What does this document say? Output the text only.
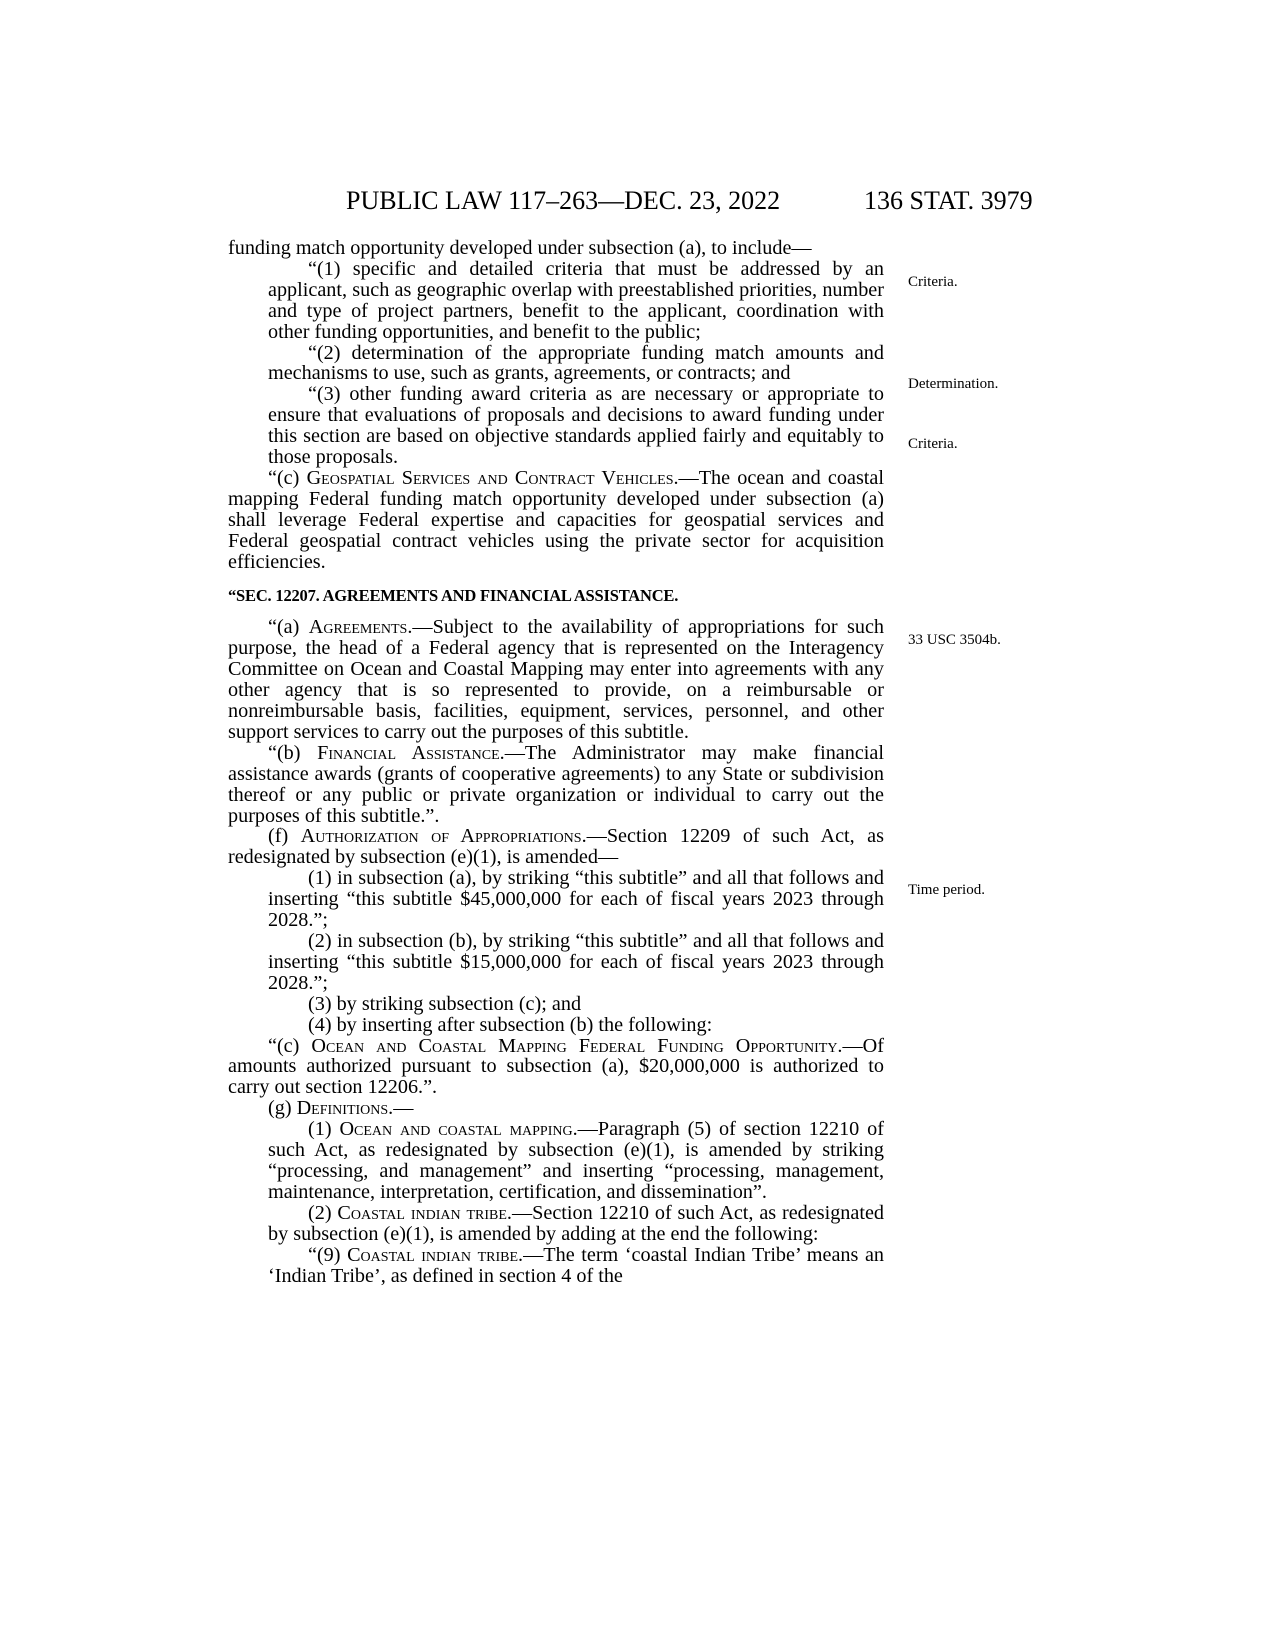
PUBLIC LAW 117–263—DEC. 23, 2022	136 STAT. 3979
Criteria.
Determination.
Criteria.
33 USC 3504b.
Time period.

funding match opportunity developed under subsection (a), to include—

“(1) specific and detailed criteria that must be addressed by an applicant, such as geographic overlap with preestablished priorities, number and type of project partners, benefit to the applicant, coordination with other funding opportunities, and benefit to the public;

“(2) determination of the appropriate funding match amounts and mechanisms to use, such as grants, agreements, or contracts; and

“(3) other funding award criteria as are necessary or appropriate to ensure that evaluations of proposals and decisions to award funding under this section are based on objective standards applied fairly and equitably to those proposals.

“(c) Geospatial Services and Contract Vehicles.—The ocean and coastal mapping Federal funding match opportunity developed under subsection (a) shall leverage Federal expertise and capacities for geospatial services and Federal geospatial contract vehicles using the private sector for acquisition efficiencies.

“SEC. 12207. AGREEMENTS AND FINANCIAL ASSISTANCE.

“(a) Agreements.—Subject to the availability of appropriations for such purpose, the head of a Federal agency that is represented on the Interagency Committee on Ocean and Coastal Mapping may enter into agreements with any other agency that is so represented to provide, on a reimbursable or nonreimbursable basis, facilities, equipment, services, personnel, and other support services to carry out the purposes of this subtitle.

“(b) Financial Assistance.—The Administrator may make financial assistance awards (grants of cooperative agreements) to any State or subdivision thereof or any public or private organization or individual to carry out the purposes of this subtitle.”.

(f) Authorization of Appropriations.—Section 12209 of such Act, as redesignated by subsection (e)(1), is amended—

(1) in subsection (a), by striking “this subtitle” and all that follows and inserting “this subtitle $45,000,000 for each of fiscal years 2023 through 2028.”;

(2) in subsection (b), by striking “this subtitle” and all that follows and inserting “this subtitle $15,000,000 for each of fiscal years 2023 through 2028.”;

(3) by striking subsection (c); and

(4) by inserting after subsection (b) the following:

“(c) Ocean and Coastal Mapping Federal Funding Opportunity.—Of amounts authorized pursuant to subsection (a), $20,000,000 is authorized to carry out section 12206.”.

(g) Definitions.—

(1) Ocean and coastal mapping.—Paragraph (5) of section 12210 of such Act, as redesignated by subsection (e)(1), is amended by striking “processing, and management” and inserting “processing, management, maintenance, interpretation, certification, and dissemination”.

(2) Coastal indian tribe.—Section 12210 of such Act, as redesignated by subsection (e)(1), is amended by adding at the end the following:

“(9) Coastal indian tribe.—The term ‘coastal Indian Tribe’ means an ‘Indian Tribe’, as defined in section 4 of the
